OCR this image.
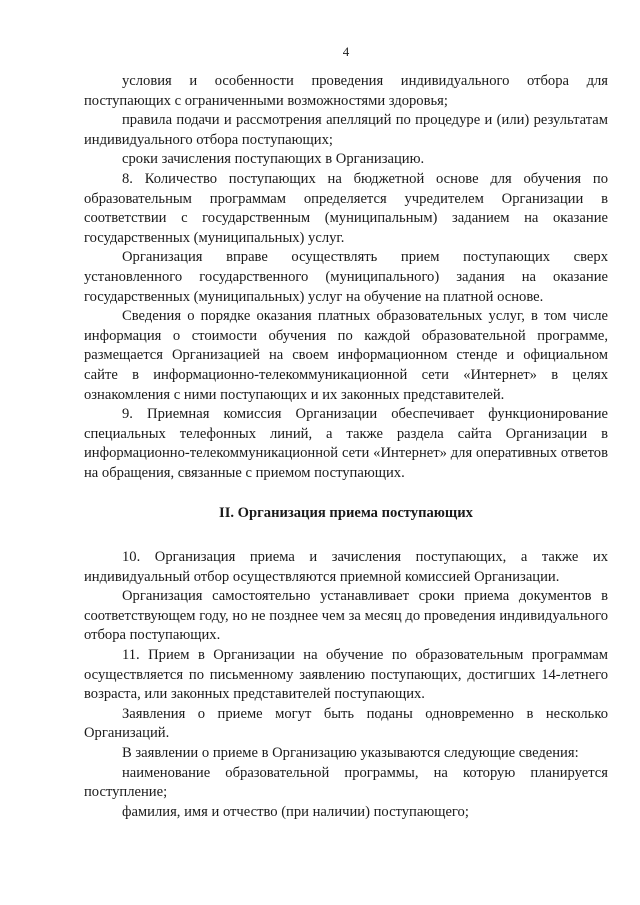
4

условия и особенности проведения индивидуального отбора для поступающих с ограниченными возможностями здоровья;

правила подачи и рассмотрения апелляций по процедуре и (или) результатам индивидуального отбора поступающих;

сроки зачисления поступающих в Организацию.

8. Количество поступающих на бюджетной основе для обучения по образовательным программам определяется учредителем Организации в соответствии с государственным (муниципальным) заданием на оказание государственных (муниципальных) услуг.

Организация вправе осуществлять прием поступающих сверх установленного государственного (муниципального) задания на оказание государственных (муниципальных) услуг на обучение на платной основе.

Сведения о порядке оказания платных образовательных услуг, в том числе информация о стоимости обучения по каждой образовательной программе, размещается Организацией на своем информационном стенде и официальном сайте в информационно-телекоммуникационной сети «Интернет» в целях ознакомления с ними поступающих и их законных представителей.

9. Приемная комиссия Организации обеспечивает функционирование специальных телефонных линий, а также раздела сайта Организации в информационно-телекоммуникационной сети «Интернет» для оперативных ответов на обращения, связанные с приемом поступающих.

II. Организация приема поступающих

10. Организация приема и зачисления поступающих, а также их индивидуальный отбор осуществляются приемной комиссией Организации.

Организация самостоятельно устанавливает сроки приема документов в соответствующем году, но не позднее чем за месяц до проведения индивидуального отбора поступающих.

11. Прием в Организации на обучение по образовательным программам осуществляется по письменному заявлению поступающих, достигших 14-летнего возраста, или законных представителей поступающих.

Заявления о приеме могут быть поданы одновременно в несколько Организаций.

В заявлении о приеме в Организацию указываются следующие сведения:

наименование образовательной программы, на которую планируется поступление;

фамилия, имя и отчество (при наличии) поступающего;
